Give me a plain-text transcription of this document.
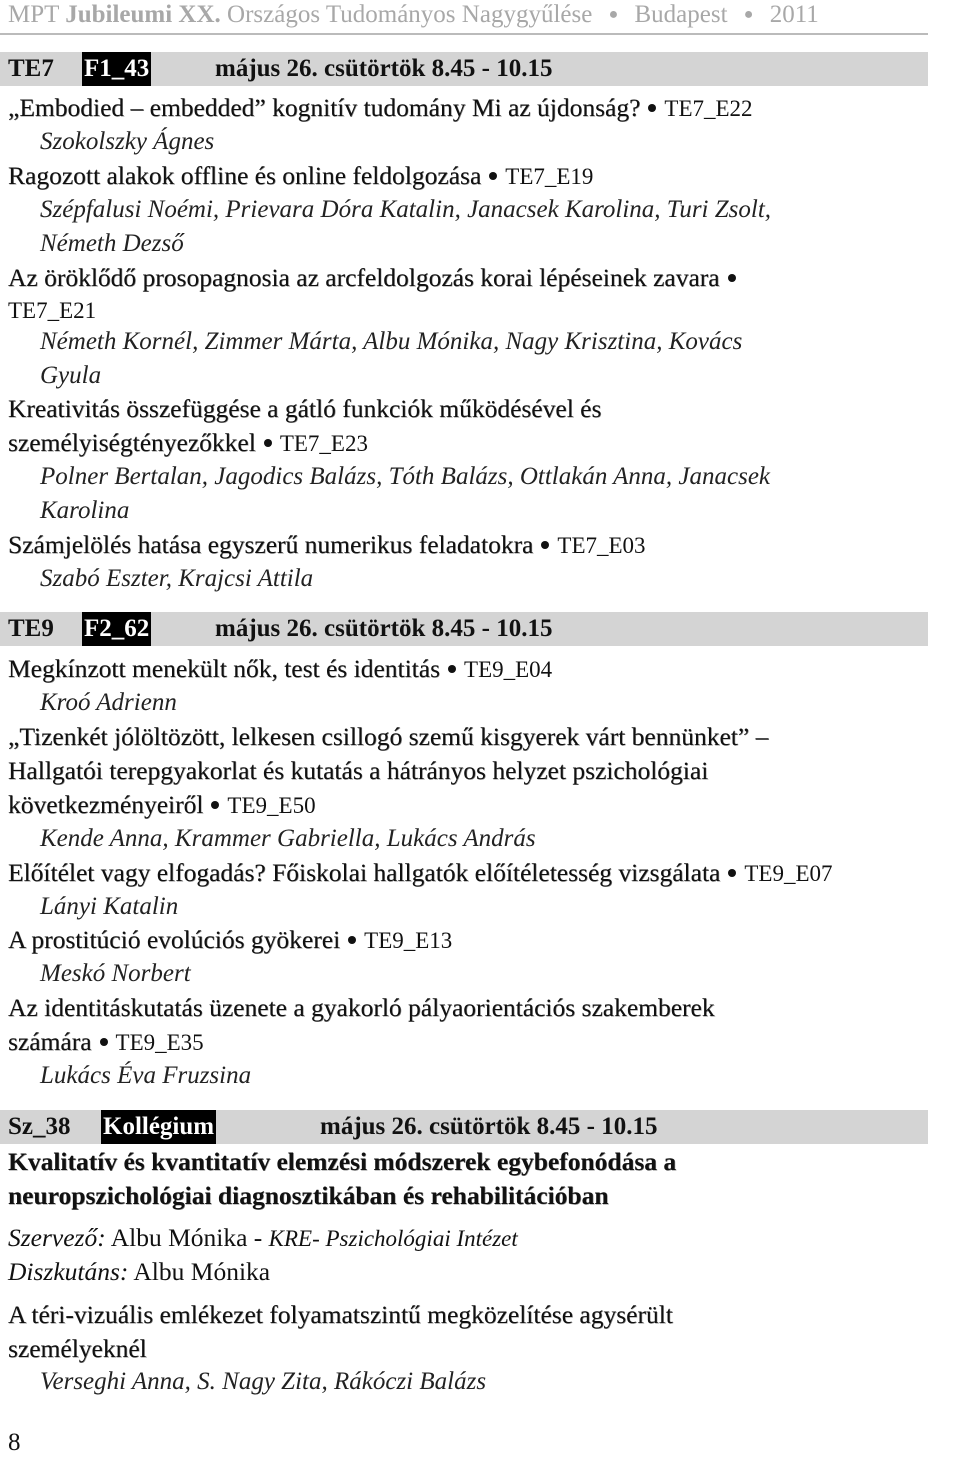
MPT Jubileumi XX. Országos Tudományos Nagygyűlése ● Budapest ● 2011
TE7 F1_43	május 26. csütörtök 8.45 - 10.15
„Embodied – embedded” kognitív tudomány Mi az újdonság? TE7_E22
Szokolszky Ágnes
Ragozott alakok offline és online feldolgozása TE7_E19
Szépfalusi Noémi, Prievara Dóra Katalin, Janacsek Karolina, Turi Zsolt,
Németh Dezső
Az öröklődő prosopagnosia az arcfeldolgozás korai lépéseinek zavara
TE7_E21
Németh Kornél, Zimmer Márta, Albu Mónika, Nagy Krisztina, Kovács
Gyula
Kreativitás összefüggése a gátló funkciók működésével és
személyiségtényezőkkel TE7_E23
Polner Bertalan, Jagodics Balázs, Tóth Balázs, Ottlakán Anna, Janacsek
Karolina
Számjelölés hatása egyszerű numerikus feladatokra TE7_E03
Szabó Eszter, Krajcsi Attila
TE9 F2_62	május 26. csütörtök 8.45 - 10.15
Megkínzott menekült nők, test és identitás TE9_E04
Kroó Adrienn
„Tizenkét jólöltözött, lelkesen csillogó szemű kisgyerek várt bennünket” –
Hallgatói terepgyakorlat és kutatás a hátrányos helyzet pszichológiai
következményeiről TE9_E50
Kende Anna, Krammer Gabriella, Lukács András
Előítélet vagy elfogadás? Főiskolai hallgatók előítéletesség vizsgálata TE9_E07
Lányi Katalin
A prostitúció evolúciós gyökerei TE9_E13
Meskó Norbert
Az identitáskutatás üzenete a gyakorló pályaorientációs szakemberek
számára TE9_E35
Lukács Éva Fruzsina
Sz_38 Kollégium	május 26. csütörtök 8.45 - 10.15
Kvalitatív és kvantitatív elemzési módszerek egybefonódása a
neuropszichológiai diagnosztikában és rehabilitációban
Szervező: Albu Mónika - KRE- Pszichológiai Intézet
Diszkutáns: Albu Mónika
A téri-vizuális emlékezet folyamatszintű megközelítése agysérült
személyeknél
Verseghi Anna, S. Nagy Zita, Rákóczi Balázs
8
